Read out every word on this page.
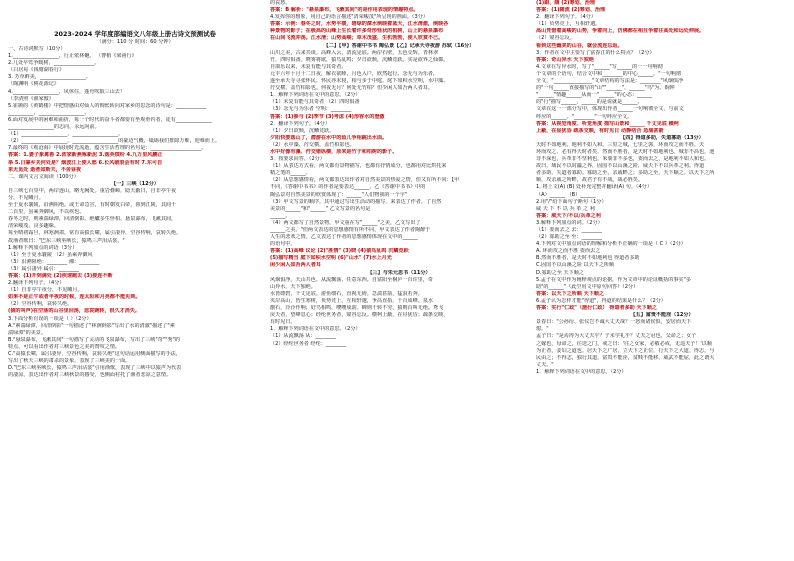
2023-2024 学年度部编语文八年级上册古诗文预测试卷
（满分：110 分 时间：60 分钟）
一、古诗词默写（10分）
1.__________________，行止依林樾。 （曹植《梁甫行》
2.几处早莺争暖树，________________。
（白居易《钱塘湖春行》
3. 芳草鲜美，__________________。
（陶渊明《桃花源记》
4.__________________，风休住，蓬舟吹取三山去！
（李清照《渔家傲》
5.崔颢的《黄鹤楼》中把情感由对仙人的惆怅转向对家乡的思念的诗句是：____________
__________，__________________。
6.面对发展中的困难和曲折，每一个时代的奋斗者都要有坐观垂钓者，徒有______________
__________________的志向，永远向前。
（1）__________________，__________________。
（2）__________________，__________________的豪迈气概，砥砺我们排除万难，迎难而上。
7.最终的《观沧海》中展现时光流逝，蕴含生活哲理的名句是：____________________。
答案：1.妻子象禽兽 2.浓家新燕啄新泥 3.落英缤纷 4.九万里风鹏正
举 5.日暮乡关何处是？烟波江上使人愁 6.长风破浪会有时 7.东可自
来无觅处 逝者如斯夫，不舍昼夜
二、课内文言文阅读（100分）
【一】三峡（12分）
自三峡七百里中，两岸连山，略无阙处。重岩叠嶂，隐天蔽日，自非亭午夜
分，不见曦月。
至于夏水襄陵，沿溯阻绝。或王命急宣，有时朝发白帝，暮到江陵，其间千
二百里，虽乘奔御风，不以疾也。
春冬之时，则素湍绿潭，回清倒影。绝巘多生怪柏，悬泉瀑布，飞漱其间，
清荣峻茂，良多趣味。
每至晴初霜旦，林寒涧肃，常有高猿长啸，属引凄异，空谷传响，哀转久绝。
故渔者歌曰："巴东三峡巫峡长，猿鸣三声泪沾裳。"
1.解释下列加点的词语（3分）
（1）至于夏水襄陵 （2）虽乘奔御风
（3）沿溯阻绝：________ 湘：________
（3）属引凄异 属引：________
答案：(1)开到满处 (2)疾速跑去 (3)接连不断
2.翻译下列句子。（4分）
（1）自非亭午夜分，不见曦月。
如果不是正午或者半夜的时候，连太阳和月亮都不能见到。
（2）空谷传响，哀转久绝。
(猿的叫声)在空荡的山谷里回荡，悲哀婉转，很久才消失。
3.下面分析有误的一项是（ ）（2分）
A."素湍绿潭，回清倒影"一句描述了"林涧倒影"写出了水的清澈"描述了"素
湍绿潭"的美景。
B."悬泉瀑布，飞漱其间"一句描写了灵动的飞泉瀑布，写出了三峡"奇""秀"的
特点，可以看出作者对三峡景色之美的赞叹之情。
C."高猿长啸，属引凄异，空谷传响，哀转久绝"这句话运用侧面描写的手法，
写出了秋天三峡的肃杀的景象，表现了三峡美的一面。
D."巴东三峡巫峡长，猿鸣三声泪沾裳"引用渔歌，表现了三峡中以猿声为代表
的凄凉，表达出作者对三峡秋景的感受，也侧面衬托了渔者悲凉之意情。
的哀愁。
答案：B 解析："悬泉瀑布，飞漱其间"的是作用表现的情趣特点。
4.发挥你的想象，用自己的语言描述"清荣峻茂"所呈现的画面。（3分）
答案：示例：春冬之时，水势平缓，碧绿的潭水倒映着蓝天，江水清澈，倒映各
种景物的影子；在极高的山峰上生长着许多奇形怪状的柏树，山上的悬泉瀑布
在山间飞流冲荡。江水清；山势高峻；草木茂盛，生机勃勃，使人欣赏不已。
【二】【甲】答谢中书书 陶弘景【乙】记承天寺夜游 苏轼（16分）
山川之美，古来共谈。高峰入云，清流见底。两岸石壁，五色交辉。青林翠
竹，四时俱备。晓雾将歇，猿鸟乱鸣；夕日欲颓，沉鳞竞跃。实是欲界之仙都。
自康乐以来，未复有能与其奇者。
元丰六年十月十二日夜，解衣欲睡，月色入户，欣然起行。念无与为乐者，
遂至承天寺寻张怀民。怀民亦未寝，相与步于中庭。庭下如积水空明，水中藻、
荇交横，盖竹柏影也。何夜无月？何处无竹柏？但少闲人如吾两人者耳。
1．解释下列词语在文中的意思。（2分）
（1）未复有能与其奇者 （2）四时俱备
（3）念无与为乐者 空明：________
答案：(1)参与 (2)季节 (3)考虑 (4)形容水的澄澈
2．翻译下列句子。（4分）
（1）夕日欲颓，沉鳞竞跃。
夕阳快要落山了，潜游在水中的鱼儿争相跳出水面。
（2）水中藻、荇交横，盖竹柏影也。
水中好像有藻、荇交错纵横，原来是竹子和柏树的影子。
3．按要求回答。（2分）
（1）从表达方式看，两文都有景物描写，也都有抒情成分，也都用对比烘托来
精之笔的______。
（2）从思想感情看，两文都表达出作者对自然美景的热爱之情，但又有所不同：【甲
不同，《答谢中书书》的作者是要表达______，乙《答谢中书书》中的
陶弘景对自然美景的欣赏体现了：______"人们物我的一个字"
（3）甲文写景的顺序，其中通过写出生活动的描写，来表达了作者。了自然
美景的______"和"______" 乙文写景的名句是
______。
（4）两文都写了自然景物，甲文重在写"______"之美，乙文写出了
______之美。"但两文表达的思想感情有所不同，甲文表达了作者陶醉于
人生的悲欢之情。乙文表达了作者的思想感情体现在文中的______
的语句中。
答案：(1)高峰 议论 (2)"胜情" (3)晓 (4)猿鸟乱鸣 沉鳞竞跃
(5)描写精当 庭下如积水空明 (6)"山水" (7)水上月光
闲少闲人如吾两人者耳
【三】与朱元思书（11分）
风烟俱净，天山共色。从流飘荡，任意东西。自富阳至桐庐一百许里，奇
山异水，天下独绝。
水皆缥碧，千丈见底。游鱼细石，直视无碍。急湍甚箭，猛浪若奔。
夹岸高山，皆生寒树，负势竞上，互相轩邈，争高直指，千百成峰。泉水
激石，泠泠作响；好鸟相鸣，嘤嘤成韵。蝉则千转不穷，猿则百叫无绝。鸢飞
戾天者，望峰息心；经纶世务者，窥谷忘反。横柯上蔽，在昼犹昏；疏条交映，
有时见日。
1．解释下列词语在文中的意思。（2分）
（1）从流飘荡 从：________
（2）经纶世务者 经纶：________
(1)跟、随 (2)筹划、治理
答案：(1)随流 (2)筹划、治理
2．翻译下列句子。（4分）
（1）负势竞上，互相轩邈。
高山凭借着高峻的山势，争着向上，仿佛都在相互争着往高处和远处伸展。
（2）窥谷忘反。
看到这些幽美的山谷，就会流连忘返。
3．作者在文中主要写了富春江的什么特点？（2分）
答案：奇山异水 天下独绝
4.文章在写异水时，写了"______"写______的一一句响彻
个文章的个语句，结合文中和________的中心______。"一句响彻
全文，"_______________"文章结构的写法是：________"风烟俱净
的"一句______直接描写的"山""______"，______"鸟"为、铜钟
"______"情趣______从而一"______"的心态：______
的"行"描写______，______的是说就是______。
文章在这一一部分写中，体现出作者______一句响彻全文，与前文
呼应的______。"________"一句呼应全文。
答案：从视觉角度、听觉角度 描写山景和______ 千丈见底 横柯
上蔽，在昼犹昏 疏条交映，有时见日 动静结合 急湍甚箭
【四】得道多助，失道寡助（13分）
天时不如地利，地利不如人和。三里之城，七里之郭，环而攻之而不胜。夫
环而攻之，必有得天时者矣，然而不胜者，是天时不如地利也。城非不高也，池
非不深也，兵革非不坚利也，米粟非不多也，委而去之，是地利不如人和也。
故曰，域民不以封疆之界，固国不以山溪之险，威天下不以兵革之利。得道
者多助，失道者寡助。寡助之至，亲戚畔之；多助之至，天下顺之。以天下之所
顺，攻亲戚之所畔，故君子有不战，战必胜矣。
1. 将上文(A) (B) 处补充完整并翻译(A) 句。（4分）
（A）______ （B）______
2.用"/"给下面句子断句（1分）
威 天 下 不 以 兵 革 之 利
答案：威天下/不以/兵革之利
3.解释下列加点的词。（2分）
（1）委而去之 去：________
（2）寡助之至 至：________
4.下列对文中加点词语的理解和分析不正确的一项是（ C ）（2分）
A. 环而攻之而不胜 委而去之
B.然而不胜者，是天时不如地利也 得道者多助
C.固国不以山溪之险 以天下之所顺
D.寡助之至 天下顺之
5.孟子在文中作为阐释观点的论据，作为文章中的论证概括的事实"多
助"的______"（此空用文中原句回答）（2分）
答案：以天下之所顺 天下顺之
6.孟子认为怎样才能"得道"，得道的结果是什么？（2分）
答案：实行"仁政"（施行仁政） 得道者多助 天下顺之
【五】富贵不能淫（12分）
景春曰："公孙衍、张仪岂不诚大丈夫哉？一怒而诸侯惧，安居而天下
熄。"
孟子曰："是焉得为大丈夫乎？子未学礼乎？丈夫之冠也，父命之；女子
之嫁也，母命之，往送之门，戒之曰：'往之女家，必敬必戒，无违夫子！'以顺
为正者，妾妇之道也。居天下之广居，立天下之正位，行天下之大道。得志，与
民由之；不得志，独行其道。富贵不能淫，贫贱不能移，威武不能屈，此之谓大
丈夫。"
1．解释下列词语在文中的意思。（2分）
